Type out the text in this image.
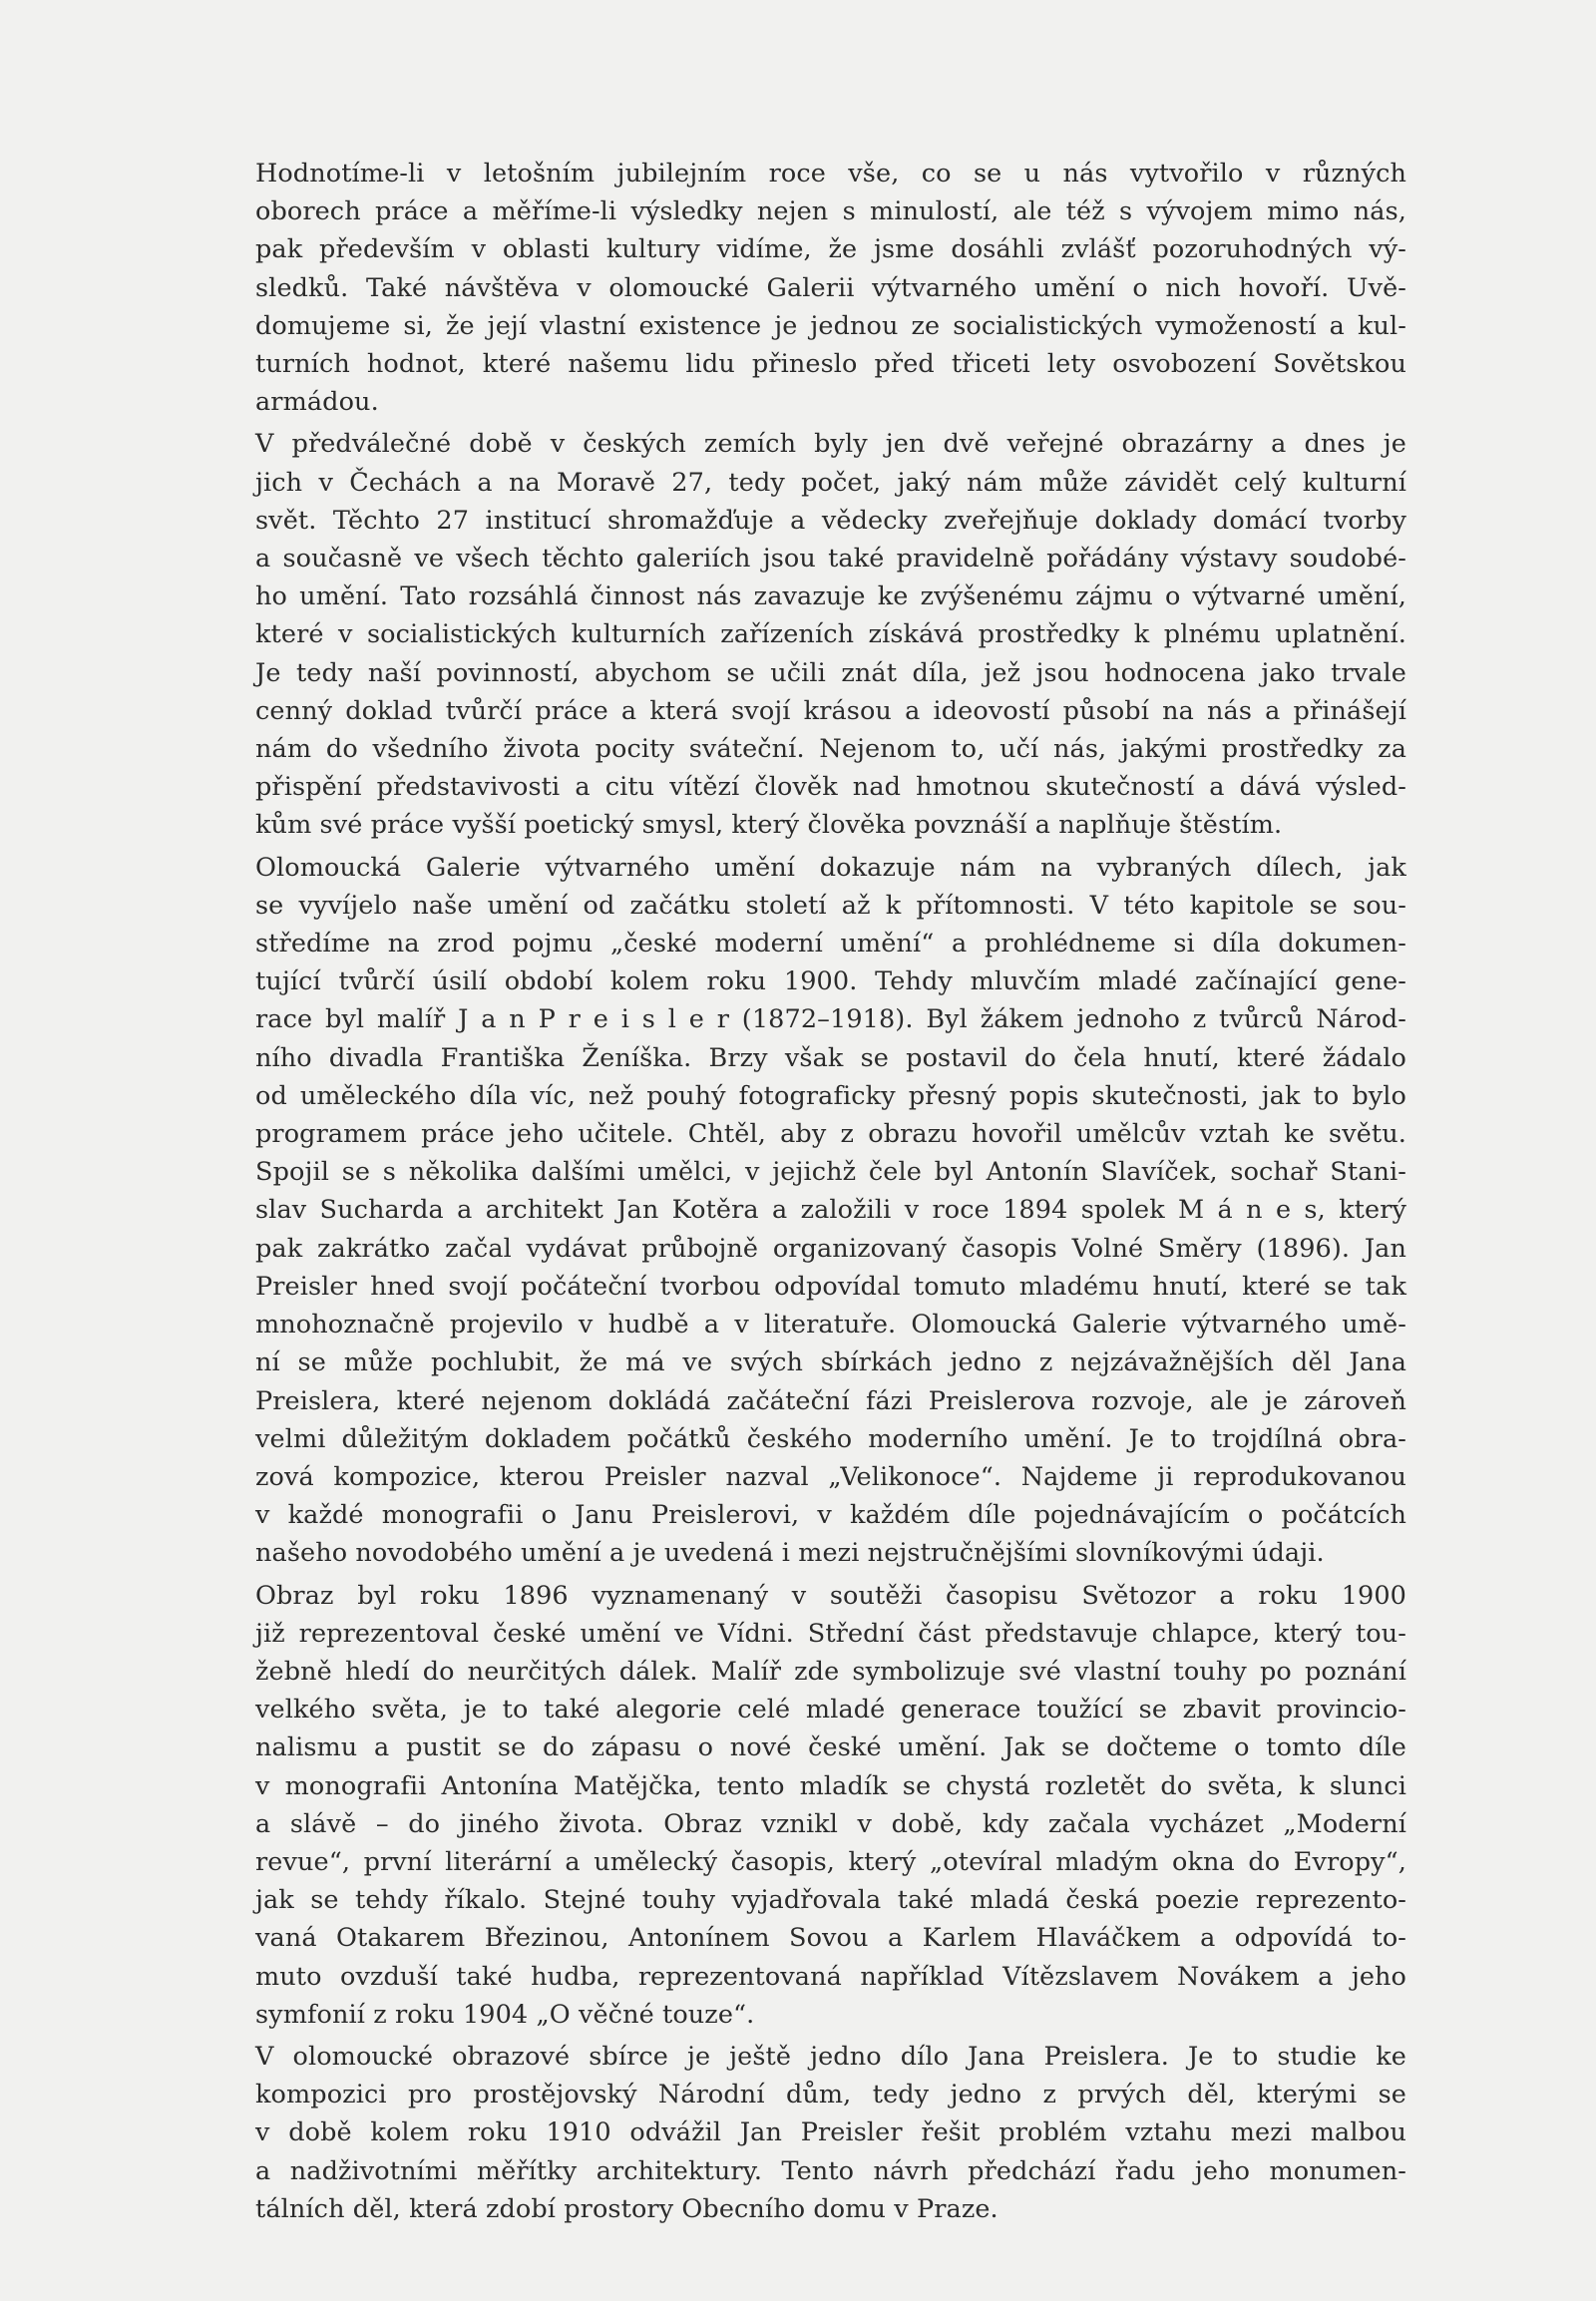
Hodnotíme-li v letošním jubilejním roce vše, co se u nás vytvořilo v různých
oborech práce a měříme-li výsledky nejen s minulostí, ale též s vývojem mimo nás,
pak především v oblasti kultury vidíme, že jsme dosáhli zvlášť pozoruhodných vý-
sledků. Také návštěva v olomoucké Galerii výtvarného umění o nich hovoří. Uvě-
domujeme si, že její vlastní existence je jednou ze socialistických vymožeností a kul-
turních hodnot, které našemu lidu přineslo před třiceti lety osvobození Sovětskou
armádou.
V předválečné době v českých zemích byly jen dvě veřejné obrazárny a dnes je
jich v Čechách a na Moravě 27, tedy počet, jaký nám může závidět celý kulturní
svět. Těchto 27 institucí shromažďuje a vědecky zveřejňuje doklady domácí tvorby
a současně ve všech těchto galeriích jsou také pravidelně pořádány výstavy soudobé-
ho umění. Tato rozsáhlá činnost nás zavazuje ke zvýšenému zájmu o výtvarné umění,
které v socialistických kulturních zařízeních získává prostředky k plnému uplatnění.
Je tedy naší povinností, abychom se učili znát díla, jež jsou hodnocena jako trvale
cenný doklad tvůrčí práce a která svojí krásou a ideovostí působí na nás a přinášejí
nám do všedního života pocity sváteční. Nejenom to, učí nás, jakými prostředky za
přispění představivosti a citu vítězí člověk nad hmotnou skutečností a dává výsled-
kům své práce vyšší poetický smysl, který člověka povznáší a naplňuje štěstím.
Olomoucká Galerie výtvarného umění dokazuje nám na vybraných dílech, jak
se vyvíjelo naše umění od začátku století až k přítomnosti. V této kapitole se sou-
středíme na zrod pojmu „české moderní umění“ a prohlédneme si díla dokumen-
tující tvůrčí úsilí období kolem roku 1900. Tehdy mluvčím mladé začínající gene-
race byl malíř J a n P r e i s l e r (1872–1918). Byl žákem jednoho z tvůrců Národ-
ního divadla Františka Ženíška. Brzy však se postavil do čela hnutí, které žádalo
od uměleckého díla víc, než pouhý fotograficky přesný popis skutečnosti, jak to bylo
programem práce jeho učitele. Chtěl, aby z obrazu hovořil umělcův vztah ke světu.
Spojil se s několika dalšími umělci, v jejichž čele byl Antonín Slavíček, sochař Stani-
slav Sucharda a architekt Jan Kotěra a založili v roce 1894 spolek M á n e s, který
pak zakrátko začal vydávat průbojně organizovaný časopis Volné Směry (1896). Jan
Preisler hned svojí počáteční tvorbou odpovídal tomuto mladému hnutí, které se tak
mnohoznačně projevilo v hudbě a v literatuře. Olomoucká Galerie výtvarného umě-
ní se může pochlubit, že má ve svých sbírkách jedno z nejzávažnějších děl Jana
Preislera, které nejenom dokládá začáteční fázi Preislerova rozvoje, ale je zároveň
velmi důležitým dokladem počátků českého moderního umění. Je to trojdílná obra-
zová kompozice, kterou Preisler nazval „Velikonoce“. Najdeme ji reprodukovanou
v každé monografii o Janu Preislerovi, v každém díle pojednávajícím o počátcích
našeho novodobého umění a je uvedená i mezi nejstručnějšími slovníkovými údaji.
Obraz byl roku 1896 vyznamenaný v soutěži časopisu Světozor a roku 1900
již reprezentoval české umění ve Vídni. Střední část představuje chlapce, který tou-
žebně hledí do neurčitých dálek. Malíř zde symbolizuje své vlastní touhy po poznání
velkého světa, je to také alegorie celé mladé generace toužící se zbavit provincio-
nalismu a pustit se do zápasu o nové české umění. Jak se dočteme o tomto díle
v monografii Antonína Matějčka, tento mladík se chystá rozletět do světa, k slunci
a slávě – do jiného života. Obraz vznikl v době, kdy začala vycházet „Moderní
revue“, první literární a umělecký časopis, který „otevíral mladým okna do Evropy“,
jak se tehdy říkalo. Stejné touhy vyjadřovala také mladá česká poezie reprezento-
vaná Otakarem Březinou, Antonínem Sovou a Karlem Hlaváčkem a odpovídá to-
muto ovzduší také hudba, reprezentovaná například Vítězslavem Novákem a jeho
symfonií z roku 1904 „O věčné touze“.
V olomoucké obrazové sbírce je ještě jedno dílo Jana Preislera. Je to studie ke
kompozici pro prostějovský Národní dům, tedy jedno z prvých děl, kterými se
v době kolem roku 1910 odvážil Jan Preisler řešit problém vztahu mezi malbou
a nadživotními měřítky architektury. Tento návrh předchází řadu jeho monumen-
tálních děl, která zdobí prostory Obecního domu v Praze.
